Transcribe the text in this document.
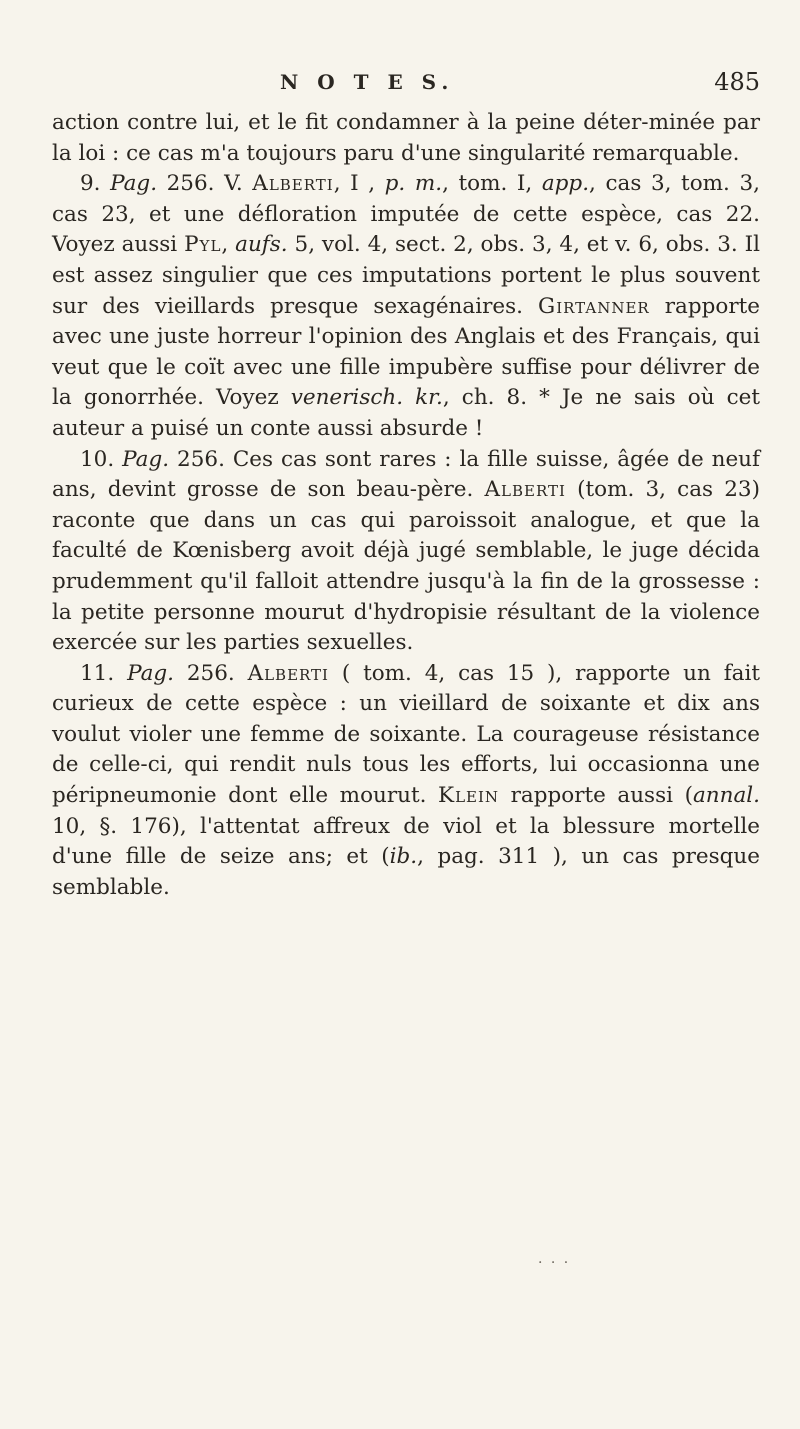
N O T E S.	485

action contre lui, et le fit condamner à la peine déter-minée par la loi : ce cas m'a toujours paru d'une singularité remarquable.

9. Pag. 256. V. Alberti, I , p. m., tom. I, app., cas 3, tom. 3, cas 23, et une défloration imputée de cette espèce, cas 22. Voyez aussi Pyl, aufs. 5, vol. 4, sect. 2, obs. 3, 4, et v. 6, obs. 3. Il est assez singulier que ces imputations portent le plus souvent sur des vieillards presque sexagénaires. Girtanner rapporte avec une juste horreur l'opinion des Anglais et des Français, qui veut que le coït avec une fille impubère suffise pour délivrer de la gonorrhée. Voyez venerisch. kr., ch. 8. * Je ne sais où cet auteur a puisé un conte aussi absurde !

10. Pag. 256. Ces cas sont rares : la fille suisse, âgée de neuf ans, devint grosse de son beau-père. Alberti (tom. 3, cas 23) raconte que dans un cas qui paroissoit analogue, et que la faculté de Kœnisberg avoit déjà jugé semblable, le juge décida prudemment qu'il falloit attendre jusqu'à la fin de la grossesse : la petite personne mourut d'hydropisie résultant de la violence exercée sur les parties sexuelles.

11. Pag. 256. Alberti ( tom. 4, cas 15 ), rapporte un fait curieux de cette espèce : un vieillard de soixante et dix ans voulut violer une femme de soixante. La courageuse résistance de celle-ci, qui rendit nuls tous les efforts, lui occasionna une péripneumonie dont elle mourut. Klein rapporte aussi (annal. 10, §. 176), l'attentat affreux de viol et la blessure mortelle d'une fille de seize ans; et (ib., pag. 311 ), un cas presque semblable.

· · ·
